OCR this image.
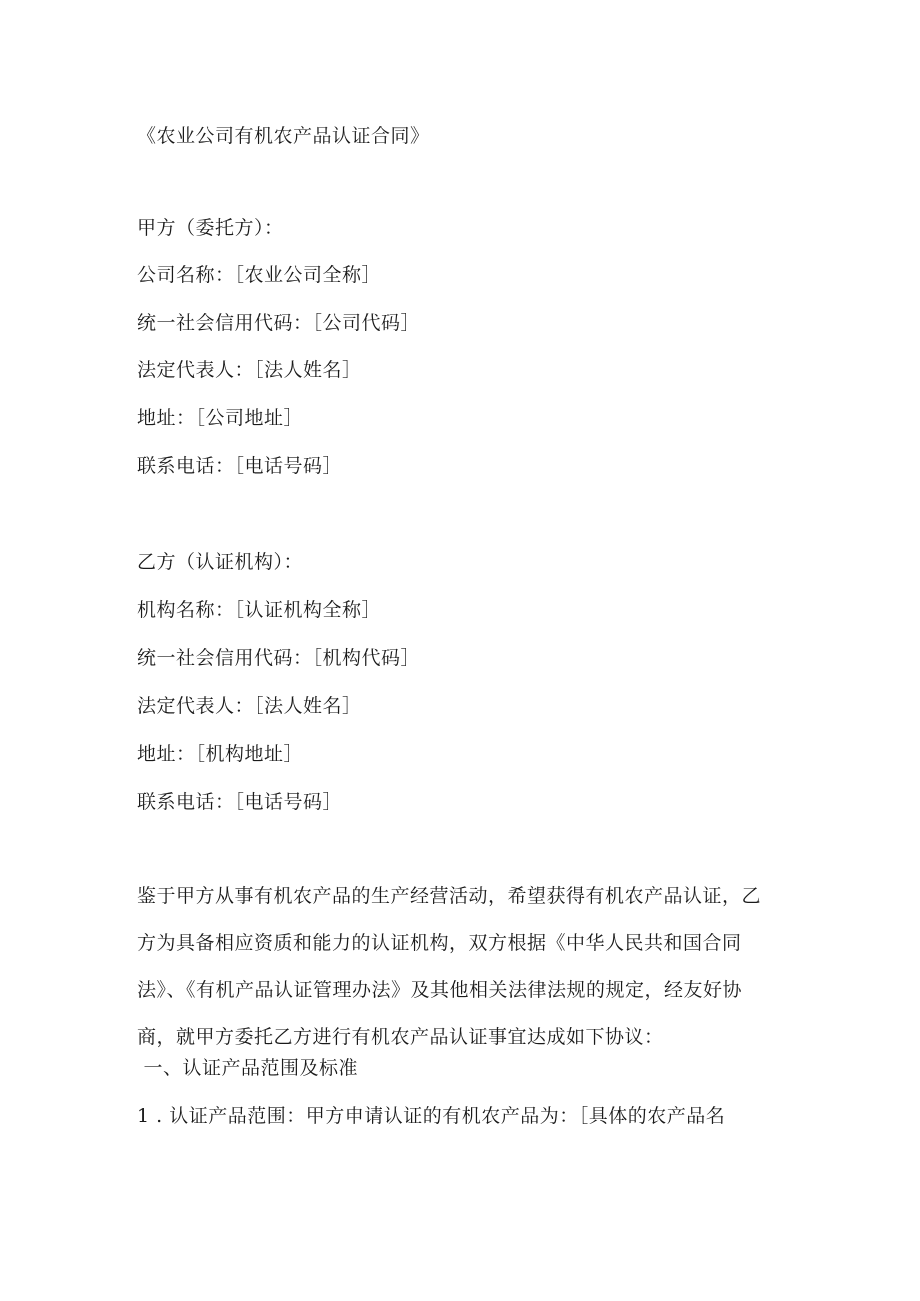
《农业公司有机农产品认证合同》
甲方（委托方）：
公司名称：［农业公司全称］
统一社会信用代码：［公司代码］
法定代表人：［法人姓名］
地址：［公司地址］
联系电话：［电话号码］
乙方（认证机构）：
机构名称：［认证机构全称］
统一社会信用代码：［机构代码］
法定代表人：［法人姓名］
地址：［机构地址］
联系电话：［电话号码］
鉴于甲方从事有机农产品的生产经营活动，希望获得有机农产品认证，乙
方为具备相应资质和能力的认证机构，双方根据《中华人民共和国合同
法》、《有机产品认证管理办法》及其他相关法律法规的规定，经友好协
商，就甲方委托乙方进行有机农产品认证事宜达成如下协议：
一、认证产品范围及标准
1 . 认证产品范围：甲方申请认证的有机农产品为：［具体的农产品名
